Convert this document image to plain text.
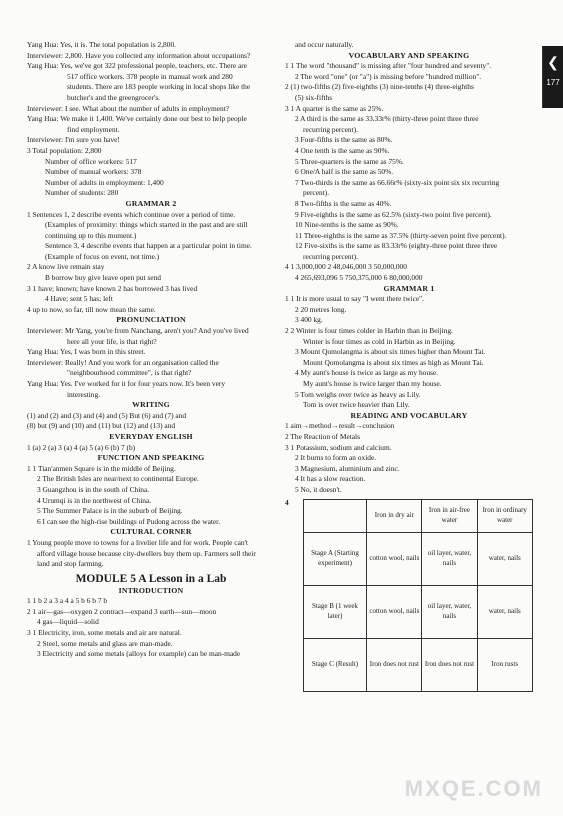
❮
177
Yang Hua: Yes, it is. The total population is 2,800.
Interviewer: 2,800. Have you collected any information about occupations?
Yang Hua: Yes, we've got 322 professional people, teachers, etc. There are
517 office workers. 378 people in manual work and 280
students. There are 183 people working in local shops like the
butcher's and the greengrocer's.
Interviewer: I see. What about the number of adults in employment?
Yang Hua: We make it 1,400. We've certainly done our best to help people
find employment.
Interviewer: I'm sure you have!
3 Total population: 2,800
Number of office workers: 517
Number of manual workers: 378
Number of adults in employment: 1,400
Number of students: 280
GRAMMAR 2
1 Sentences 1, 2 describe events which continue over a period of time.
(Examples of proximity: things which started in the past and are still
continuing up to this moment.)
Sentence 3, 4 describe events that happen at a particular point in time.
(Example of focus on event, not time.)
2 A know live remain stay
B borrow buy give leave open put send
3 1 have; known; have known 2 has borrowed 3 has lived
4 Have; sent 5 has; left
4 up to now, so far, till now mean the same.
PRONUNCIATION
Interviewer: Mr Yang, you're from Nanchang, aren't you? And you've lived
here all your life, is that right?
Yang Hua: Yes, I was born in this street.
Interviewer: Really! And you work for an organisation called the
"neighbourhood committee", is that right?
Yang Hua: Yes. I've worked for it for four years now. It's been very
interesting.
WRITING
(1) and (2) and (3) and (4) and (5) But (6) and (7) and
(8) but (9) and (10) and (11) but (12) and (13) and
EVERYDAY ENGLISH
1 (a) 2 (a) 3 (a) 4 (a) 5 (a) 6 (b) 7 (b)
FUNCTION AND SPEAKING
1 1 Tian'anmen Square is in the middle of Beijing.
2 The British Isles are near/next to continental Europe.
3 Guangzhou is in the south of China.
4 Urumqi is in the northwest of China.
5 The Summer Palace is in the suburb of Beijing.
6 I can see the high-rise buildings of Pudong across the water.
CULTURAL CORNER
1 Young people move to towns for a livelier life and for work. People can't
afford village house because city-dwellers buy them up. Farmers sell their
land and stop farming.
MODULE 5 A Lesson in a Lab
INTRODUCTION
1 1 b 2 a 3 a 4 a 5 b 6 b 7 b
2 1 air—gas—oxygen 2 contract—expand 3 earth—sun—moon
4 gas—liquid—solid
3 1 Electricity, iron, some metals and air are natural.
2 Steel, some metals and glass are man-made.
3 Electricity and some metals (alloys for example) can be man-made
and occur naturally.
VOCABULARY AND SPEAKING
1 1 The word "thousand" is missing after "four hundred and seventy".
2 The word "one" (or "a") is missing before "hundred million".
2 (1) two-fifths (2) five-eighths (3) nine-tenths (4) three-eighths
(5) six-fifths
3 1 A quarter is the same as 25%.
2 A third is the same as 33.33r% (thirty-three point three three
recurring percent).
3 Four-fifths is the same as 80%.
4 One tenth is the same as 90%.
5 Three-quarters is the same as 75%.
6 One/A half is the same as 50%.
7 Two-thirds is the same as 66.66r% (sixty-six point six six recurring
percent).
8 Two-fifths is the same as 40%.
9 Five-eighths is the same as 62.5% (sixty-two point five percent).
10 Nine-tenths is the same as 90%.
11 Three-eighths is the same as 37.5% (thirty-seven point five percent).
12 Five-sixths is the same as 83.33r% (eighty-three point three three
recurring percent).
4 1 3,000,000 2 48,046,000 3 50,000,000
4 265,693,096 5 750,375,000 6 80,000,000
GRAMMAR 1
1 1 It is more usual to say "I went there twice".
2 20 metres long.
3 400 kg.
2 2 Winter is four times colder in Harbin than in Beijing.
Winter is four times as cold in Harbin as in Beijing.
3 Mount Qomolangma is about six times higher than Mount Tai.
Mount Qomolangma is about six times as high as Mount Tai.
4 My aunt's house is twice as large as my house.
My aunt's house is twice larger than my house.
5 Tom weighs over twice as heavy as Lily.
Tom is over twice heavier than Lily.
READING AND VOCABULARY
1 aim→method→result→conclusion
2 The Reaction of Metals
3 1 Potassium, sodium and calcium.
2 It burns to form an oxide.
3 Magnesium, aluminium and zinc.
4 It has a slow reaction.
5 No, it doesn't.
4
	Iron in dry air	Iron in air-free water	Iron in ordinary water
Stage A (Starting experiment)	cotton wool, nails	oil layer, water, nails	water, nails
Stage B (1 week later)	cotton wool, nails	oil layer, water, nails	water, nails
Stage C (Result)	Iron does not rust	Iron does not rust	Iron rusts
MXQE.COM
